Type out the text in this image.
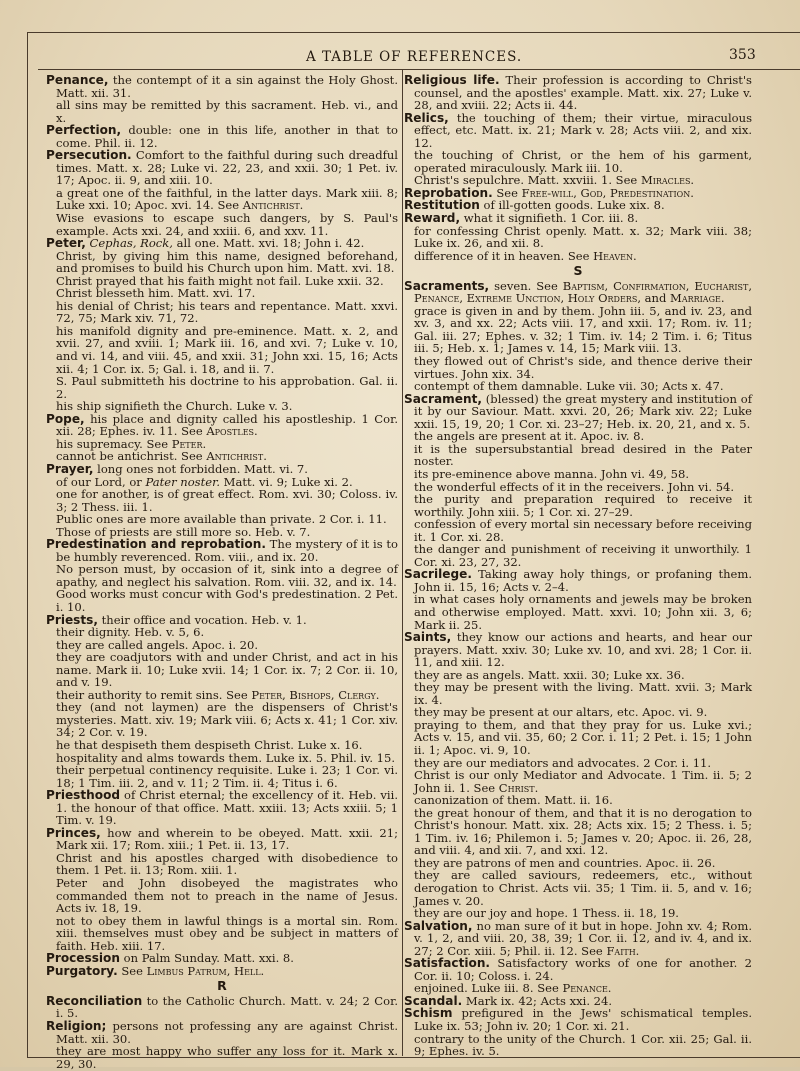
A TABLE OF REFERENCES.	353

Penance, the contempt of it a sin against the Holy Ghost. Matt. xii. 31.

all sins may be remitted by this sacrament. Heb. vi., and x.

Perfection, double: one in this life, another in that to come. Phil. ii. 12.

Persecution. Comfort to the faithful during such dreadful times. Matt. x. 28; Luke vi. 22, 23, and xxii. 30; 1 Pet. iv. 17; Apoc. ii. 9, and xiii. 10.

a great one of the faithful, in the latter days. Mark xiii. 8; Luke xxi. 10; Apoc. xvi. 14. See Antichrist.

Wise evasions to escape such dangers, by S. Paul's example. Acts xxi. 24, and xxiii. 6, and xxv. 11.

Peter, Cephas, Rock, all one. Matt. xvi. 18; John i. 42.

Christ, by giving him this name, designed beforehand, and promises to build his Church upon him. Matt. xvi. 18.

Christ prayed that his faith might not fail. Luke xxii. 32.

Christ blesseth him. Matt. xvi. 17.

his denial of Christ; his tears and repentance. Matt. xxvi. 72, 75; Mark xiv. 71, 72.

his manifold dignity and pre-eminence. Matt. x. 2, and xvii. 27, and xviii. 1; Mark iii. 16, and xvi. 7; Luke v. 10, and vi. 14, and viii. 45, and xxii. 31; John xxi. 15, 16; Acts xii. 4; 1 Cor. ix. 5; Gal. i. 18, and ii. 7.

S. Paul submitteth his doctrine to his approbation. Gal. ii. 2.

his ship signifieth the Church. Luke v. 3.

Pope, his place and dignity called his apostleship. 1 Cor. xii. 28; Ephes. iv. 11. See Apostles.

his supremacy. See Peter.

cannot be antichrist. See Antichrist.

Prayer, long ones not forbidden. Matt. vi. 7.

of our Lord, or Pater noster. Matt. vi. 9; Luke xi. 2.

one for another, is of great effect. Rom. xvi. 30; Coloss. iv. 3; 2 Thess. iii. 1.

Public ones are more available than private. 2 Cor. i. 11.

Those of priests are still more so. Heb. v. 7.

Predestination and reprobation. The mystery of it is to be humbly reverenced. Rom. viii., and ix. 20.

No person must, by occasion of it, sink into a degree of apathy, and neglect his salvation. Rom. viii. 32, and ix. 14.

Good works must concur with God's predestination. 2 Pet. i. 10.

Priests, their office and vocation. Heb. v. 1.

their dignity. Heb. v. 5, 6.

they are called angels. Apoc. i. 20.

they are coadjutors with and under Christ, and act in his name. Mark ii. 10; Luke xvii. 14; 1 Cor. ix. 7; 2 Cor. ii. 10, and v. 19.

their authority to remit sins. See Peter, Bishops, Clergy.

they (and not laymen) are the dispensers of Christ's mysteries. Matt. xiv. 19; Mark viii. 6; Acts x. 41; 1 Cor. xiv. 34; 2 Cor. v. 19.

he that despiseth them despiseth Christ. Luke x. 16.

hospitality and alms towards them. Luke ix. 5. Phil. iv. 15.

their perpetual continency requisite. Luke i. 23; 1 Cor. vi. 18; 1 Tim. iii. 2, and v. 11; 2 Tim. ii. 4; Titus i. 6.

Priesthood of Christ eternal; the excellency of it. Heb. vii. 1. the honour of that office. Matt. xxiii. 13; Acts xxiii. 5; 1 Tim. v. 19.

Princes, how and wherein to be obeyed. Matt. xxii. 21; Mark xii. 17; Rom. xiii.; 1 Pet. ii. 13, 17.

Christ and his apostles charged with disobedience to them. 1 Pet. ii. 13; Rom. xiii. 1.

Peter and John disobeyed the magistrates who commanded them not to preach in the name of Jesus. Acts iv. 18, 19.

not to obey them in lawful things is a mortal sin. Rom. xiii. themselves must obey and be subject in matters of faith. Heb. xiii. 17.

Procession on Palm Sunday. Matt. xxi. 8.

Purgatory. See Limbus Patrum, Hell.

R

Reconciliation to the Catholic Church. Matt. v. 24; 2 Cor. i. 5.

Religion; persons not professing any are against Christ. Matt. xii. 30.

they are most happy who suffer any loss for it. Mark x. 29, 30.

Religious life. Their profession is according to Christ's counsel, and the apostles' example. Matt. xix. 27; Luke v. 28, and xviii. 22; Acts ii. 44.

Relics, the touching of them; their virtue, miraculous effect, etc. Matt. ix. 21; Mark v. 28; Acts viii. 2, and xix. 12.

the touching of Christ, or the hem of his garment, operated miraculously. Mark iii. 10.

Christ's sepulchre. Matt. xxviii. 1. See Miracles.

Reprobation. See Free-will, God, Predestination.

Restitution of ill-gotten goods. Luke xix. 8.

Reward, what it signifieth. 1 Cor. iii. 8.

for confessing Christ openly. Matt. x. 32; Mark viii. 38; Luke ix. 26, and xii. 8.

difference of it in heaven. See Heaven.

S

Sacraments, seven. See Baptism, Confirmation, Eucharist, Penance, Extreme Unction, Holy Orders, and Marriage.

grace is given in and by them. John iii. 5, and iv. 23, and xv. 3, and xx. 22; Acts viii. 17, and xxii. 17; Rom. iv. 11; Gal. iii. 27; Ephes. v. 32; 1 Tim. iv. 14; 2 Tim. i. 6; Titus iii. 5; Heb. x. 1; James v. 14, 15; Mark viii. 13.

they flowed out of Christ's side, and thence derive their virtues. John xix. 34.

contempt of them damnable. Luke vii. 30; Acts x. 47.

Sacrament, (blessed) the great mystery and institution of it by our Saviour. Matt. xxvi. 20, 26; Mark xiv. 22; Luke xxii. 15, 19, 20; 1 Cor. xi. 23–27; Heb. ix. 20, 21, and x. 5.

the angels are present at it. Apoc. iv. 8.

it is the supersubstantial bread desired in the Pater noster.

its pre-eminence above manna. John vi. 49, 58.

the wonderful effects of it in the receivers. John vi. 54.

the purity and preparation required to receive it worthily. John xiii. 5; 1 Cor. xi. 27–29.

confession of every mortal sin necessary before receiving it. 1 Cor. xi. 28.

the danger and punishment of receiving it unworthily. 1 Cor. xi. 23, 27, 32.

Sacrilege. Taking away holy things, or profaning them. John ii. 15, 16; Acts v. 2–4.

in what cases holy ornaments and jewels may be broken and otherwise employed. Matt. xxvi. 10; John xii. 3, 6; Mark ii. 25.

Saints, they know our actions and hearts, and hear our prayers. Matt. xxiv. 30; Luke xv. 10, and xvi. 28; 1 Cor. ii. 11, and xiii. 12.

they are as angels. Matt. xxii. 30; Luke xx. 36.

they may be present with the living. Matt. xvii. 3; Mark ix. 4.

they may be present at our altars, etc. Apoc. vi. 9.

praying to them, and that they pray for us. Luke xvi.; Acts v. 15, and vii. 35, 60; 2 Cor. i. 11; 2 Pet. i. 15; 1 John ii. 1; Apoc. vi. 9, 10.

they are our mediators and advocates. 2 Cor. i. 11.

Christ is our only Mediator and Advocate. 1 Tim. ii. 5; 2 John ii. 1. See Christ.

canonization of them. Matt. ii. 16.

the great honour of them, and that it is no derogation to Christ's honour. Matt. xix. 28; Acts xix. 15; 2 Thess. i. 5; 1 Tim. iv. 16; Philemon i. 5; James v. 20; Apoc. ii. 26, 28, and viii. 4, and xii. 7, and xxi. 12.

they are patrons of men and countries. Apoc. ii. 26.

they are called saviours, redeemers, etc., without derogation to Christ. Acts vii. 35; 1 Tim. ii. 5, and v. 16; James v. 20.

they are our joy and hope. 1 Thess. ii. 18, 19.

Salvation, no man sure of it but in hope. John xv. 4; Rom. v. 1, 2, and viii. 20, 38, 39; 1 Cor. ii. 12, and iv. 4, and ix. 27; 2 Cor. xiii. 5; Phil. ii. 12. See Faith.

Satisfaction. Satisfactory works of one for another. 2 Cor. ii. 10; Coloss. i. 24.

enjoined. Luke iii. 8. See Penance.

Scandal. Mark ix. 42; Acts xxi. 24.

Schism prefigured in the Jews' schismatical temples. Luke ix. 53; John iv. 20; 1 Cor. xi. 21.

contrary to the unity of the Church. 1 Cor. xii. 25; Gal. ii. 9; Ephes. iv. 5.
